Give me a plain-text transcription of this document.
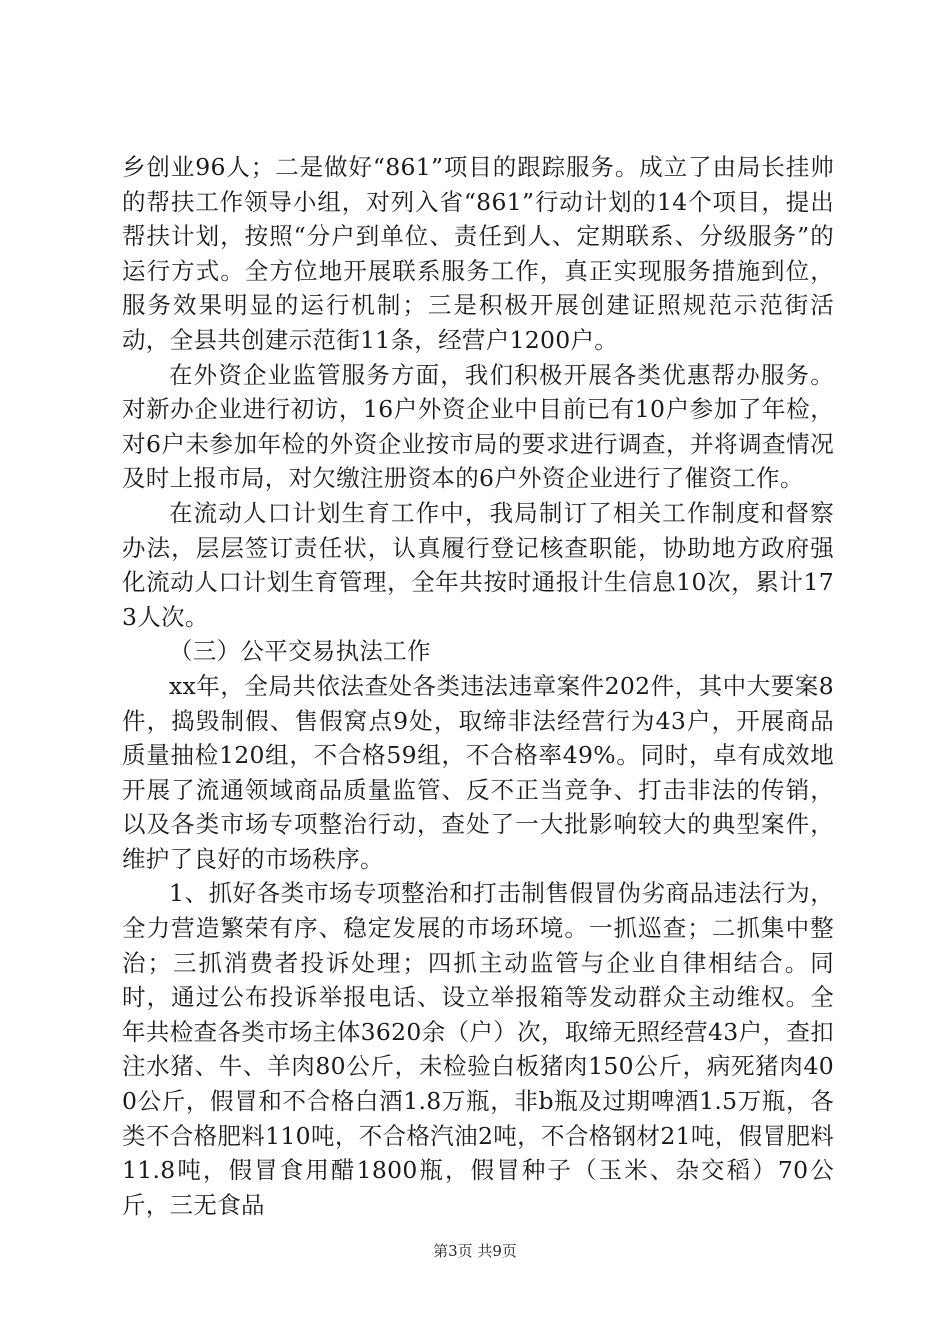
乡创业96人；二是做好“861”项目的跟踪服务。成立了由局长挂帅的帮扶工作领导小组，对列入省“861”行动计划的14个项目，提出帮扶计划，按照“分户到单位、责任到人、定期联系、分级服务”的运行方式。全方位地开展联系服务工作，真正实现服务措施到位，服务效果明显的运行机制；三是积极开展创建证照规范示范街活动，全县共创建示范街11条，经营户1200户。

在外资企业监管服务方面，我们积极开展各类优惠帮办服务。对新办企业进行初访，16户外资企业中目前已有10户参加了年检，对6户未参加年检的外资企业按市局的要求进行调查，并将调查情况及时上报市局，对欠缴注册资本的6户外资企业进行了催资工作。

在流动人口计划生育工作中，我局制订了相关工作制度和督察办法，层层签订责任状，认真履行登记核查职能，协助地方政府强化流动人口计划生育管理，全年共按时通报计生信息10次，累计173人次。

（三）公平交易执法工作

xx年，全局共依法查处各类违法违章案件202件，其中大要案8件，捣毁制假、售假窝点9处，取缔非法经营行为43户，开展商品质量抽检120组，不合格59组，不合格率49%。同时，卓有成效地开展了流通领域商品质量监管、反不正当竞争、打击非法的传销，以及各类市场专项整治行动，查处了一大批影响较大的典型案件，维护了良好的市场秩序。

1、抓好各类市场专项整治和打击制售假冒伪劣商品违法行为，全力营造繁荣有序、稳定发展的市场环境。一抓巡查；二抓集中整治；三抓消费者投诉处理；四抓主动监管与企业自律相结合。同时，通过公布投诉举报电话、设立举报箱等发动群众主动维权。全年共检查各类市场主体3620余（户）次，取缔无照经营43户，查扣注水猪、牛、羊肉80公斤，未检验白板猪肉150公斤，病死猪肉400公斤，假冒和不合格白酒1.8万瓶，非b瓶及过期啤酒1.5万瓶，各类不合格肥料110吨，不合格汽油2吨，不合格钢材21吨，假冒肥料11.8吨，假冒食用醋1800瓶，假冒种子（玉米、杂交稻）70公斤，三无食品

第3页 共9页
